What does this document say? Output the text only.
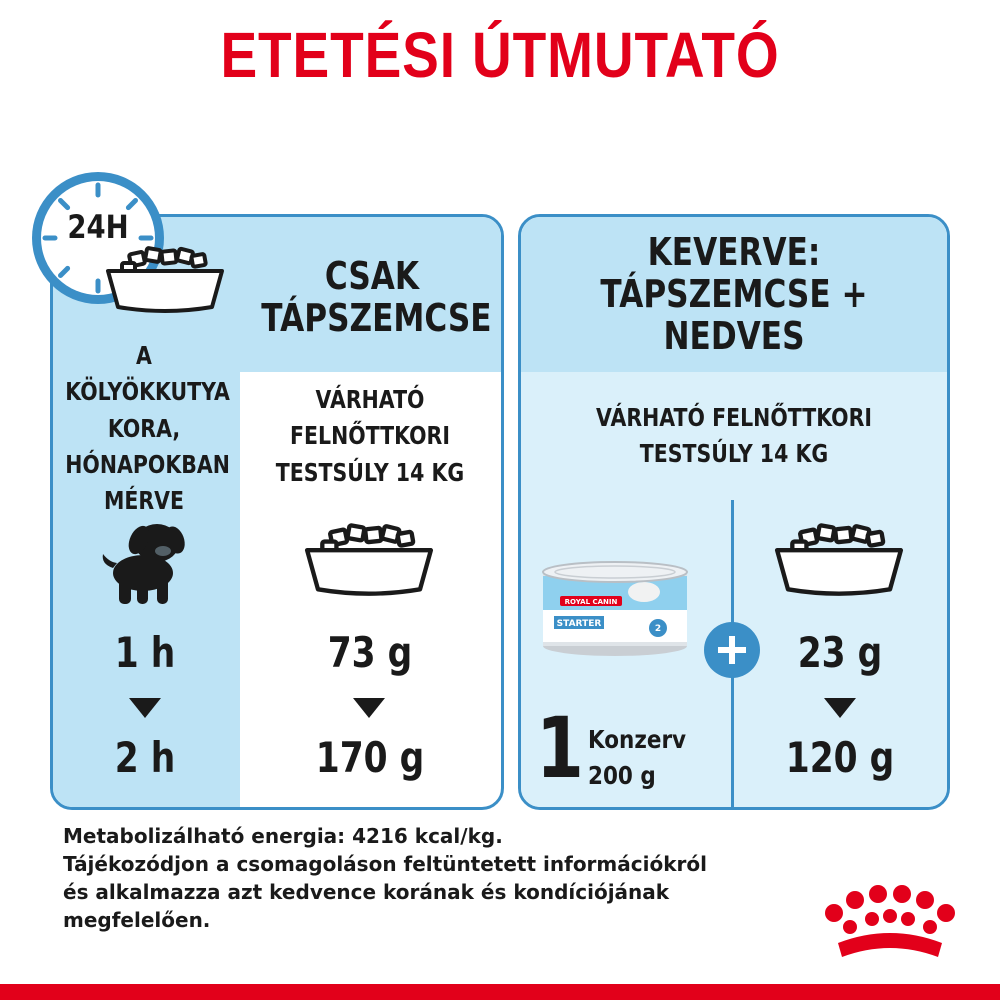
ETETÉSI ÚTMUTATÓ
24H
CSAK
TÁPSZEMCSE
A KÖLYÖKKUTYA
KORA,
HÓNAPOKBAN
MÉRVE
VÁRHATÓ
FELNŐTTKORI
TESTSÚLY 14 KG
1 h
2 h
73 g
170 g
KEVERVE:
TÁPSZEMCSE +
NEDVES
VÁRHATÓ FELNŐTTKORI
TESTSÚLY 14 KG
ROYAL CANIN
STARTER	2
1 Konzerv
200 g
23 g
120 g
Metabolizálható energia: 4216 kcal/kg.
Tájékozódjon a csomagoláson feltüntetett információkról
és alkalmazza azt kedvence korának és kondíciójának
megfelelően.
